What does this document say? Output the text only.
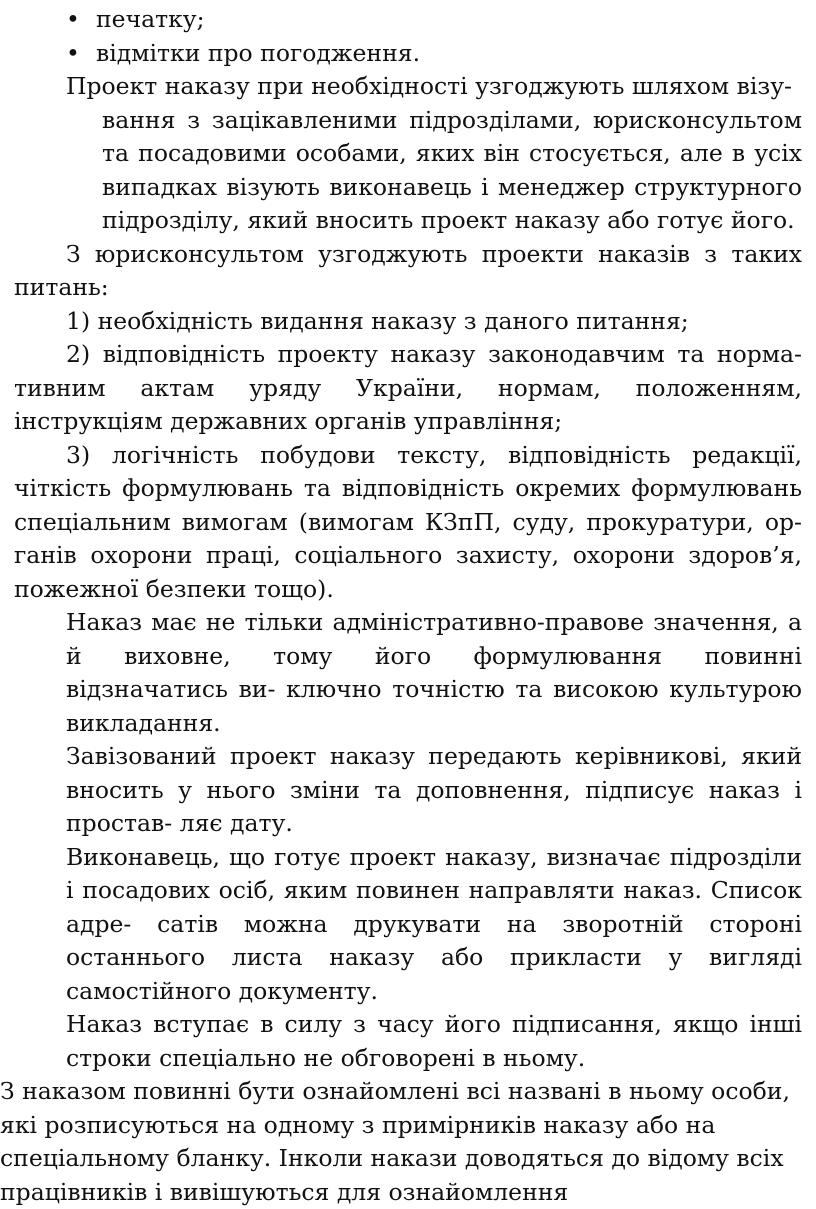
• печатку;
• відмітки про погодження.
Проект наказу при необхідності узгоджують шляхом візу-
вання з зацікавленими підрозділами, юрисконсультом
та посадовими особами, яких він стосується, але в усіх
випадках візують виконавець і менеджер структурного
підрозділу, який вносить проект наказу або готує його.
З юрисконсультом узгоджують проекти наказів з таких
питань:
1) необхідність видання наказу з даного питання;
2) відповідність проекту наказу законодавчим та норма-
тивним актам уряду України, нормам, положенням,
інструкціям державних органів управління;
3) логічність побудови тексту, відповідність редакції,
чіткість формулювань та відповідність окремих формулювань
спеціальним вимогам (вимогам КЗпП, суду, прокуратури, ор-
ганів охорони праці, соціального захисту, охорони здоров’я,
пожежної безпеки тощо).
Наказ має не тільки адміністративно-правове значення, а
й виховне, тому його формулювання повинні
відзначатись ви- ключно точністю та високою культурою
викладання.
Завізований проект наказу передають керівникові, який
вносить у нього зміни та доповнення, підписує наказ і
простав- ляє дату.
Виконавець, що готує проект наказу, визначає підрозділи
і посадових осіб, яким повинен направляти наказ. Список
адре- сатів можна друкувати на зворотній стороні
останнього листа наказу або прикласти у вигляді
самостійного документу.
Наказ вступає в силу з часу його підписання, якщо інші
строки спеціально не обговорені в ньому.
З наказом повинні бути ознайомлені всі названі в ньому особи,
які розписуються на одному з примірників наказу або на
спеціальному бланку. Інколи накази доводяться до відому всіх
працівників і вивішуються для ознайомлення
